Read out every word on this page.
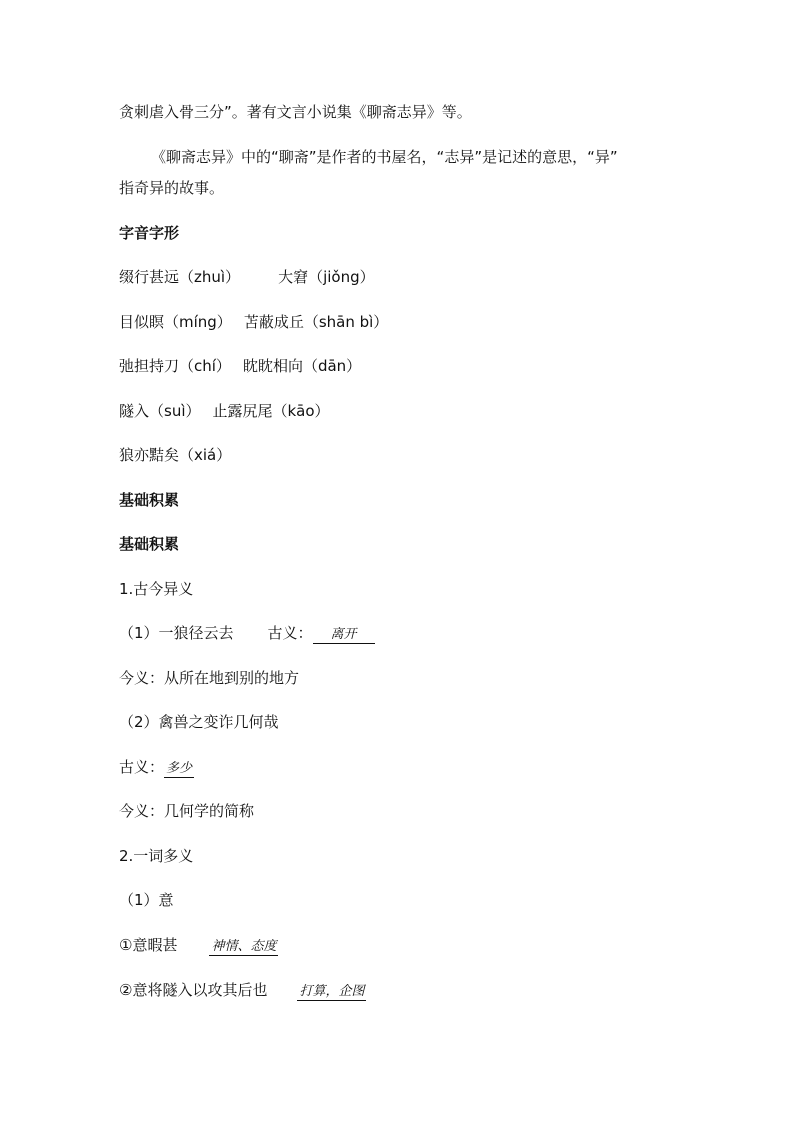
贪刺虐入骨三分”。著有文言小说集《聊斋志异》等。
《聊斋志异》中的“聊斋”是作者的书屋名，“志异”是记述的意思，“异”
指奇异的故事。
字音字形
缀行甚远（zhuì）	大窘（jiǒng）
目似瞑（míng） 苫蔽成丘（shān bì）
弛担持刀（chí） 眈眈相向（dān）
隧入（suì） 止露尻尾（kāo）
狼亦黠矣（xiá）
基础积累
基础积累
1.古今异义
（1）一狼径云去 古义： 离开
今义：从所在地到别的地方
（2）禽兽之变诈几何哉
古义： 多少
今义：几何学的简称
2.一词多义
（1）意
①意暇甚	神情、态度
②意将隧入以攻其后也 打算，企图
